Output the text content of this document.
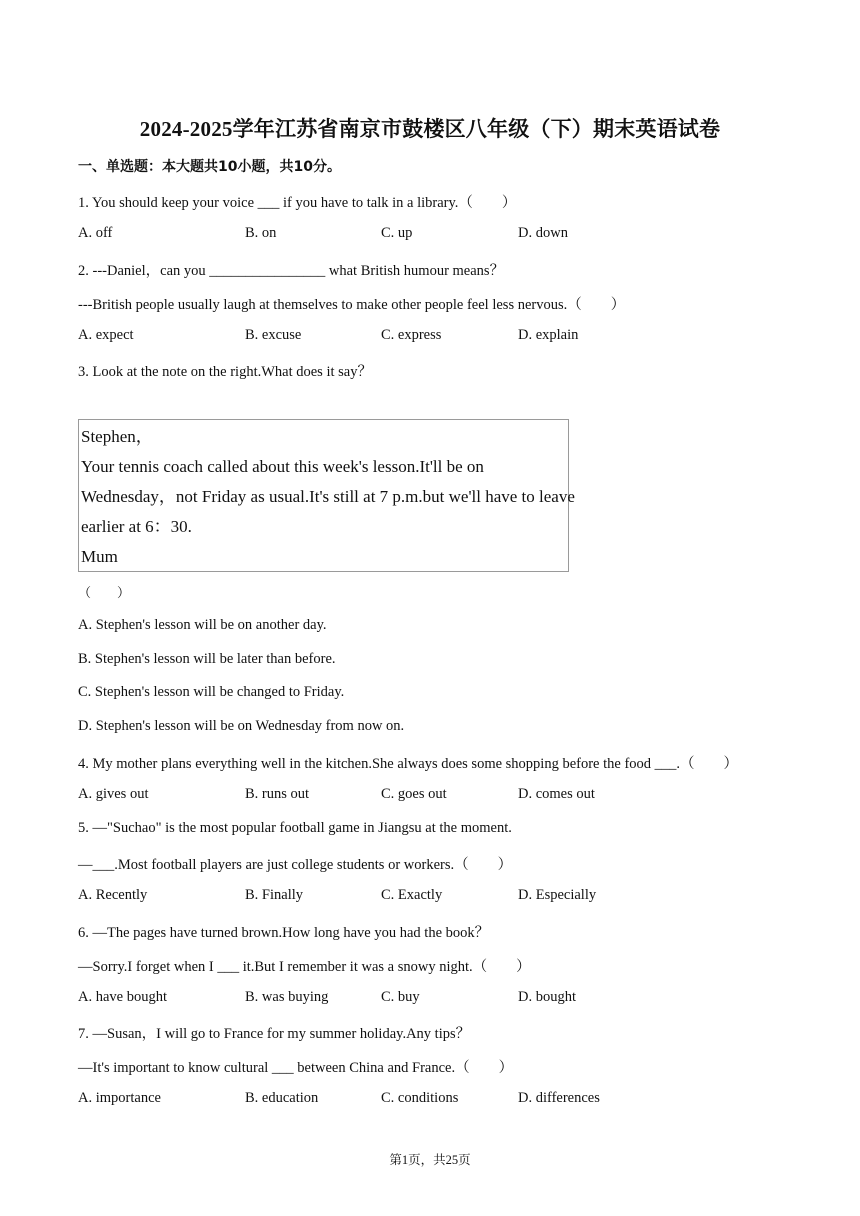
2024-2025学年江苏省南京市鼓楼区八年级（下）期末英语试卷
一、单选题：本大题共10小题，共10分。
1. You should keep your voice ___ if you have to talk in a library.（　　）
A. off	B. on	C. up	D. down
2. ---Daniel，can you ________________ what British humour means？
---British people usually laugh at themselves to make other people feel less nervous.（　　）
A. expect	B. excuse	C. express	D. explain
3. Look at the note on the right.What does it say？
Stephen，
Your tennis coach called about this week's lesson.It'll be on
Wednesday，not Friday as usual.It's still at 7 p.m.but we'll have to leave
earlier at 6：30.
Mum
（　　）
A. Stephen's lesson will be on another day.
B. Stephen's lesson will be later than before.
C. Stephen's lesson will be changed to Friday.
D. Stephen's lesson will be on Wednesday from now on.
4. My mother plans everything well in the kitchen.She always does some shopping before the food ___.（　　）
A. gives out	B. runs out	C. goes out	D. comes out
5. —"Suchao" is the most popular football game in Jiangsu at the moment.
—___.Most football players are just college students or workers.（　　）
A. Recently	B. Finally	C. Exactly	D. Especially
6. —The pages have turned brown.How long have you had the book？
—Sorry.I forget when I ___ it.But I remember it was a snowy night.（　　）
A. have bought	B. was buying	C. buy	D. bought
7. —Susan，I will go to France for my summer holiday.Any tips？
—It's important to know cultural ___ between China and France.（　　）
A. importance	B. education	C. conditions	D. differences
第1页，共25页
